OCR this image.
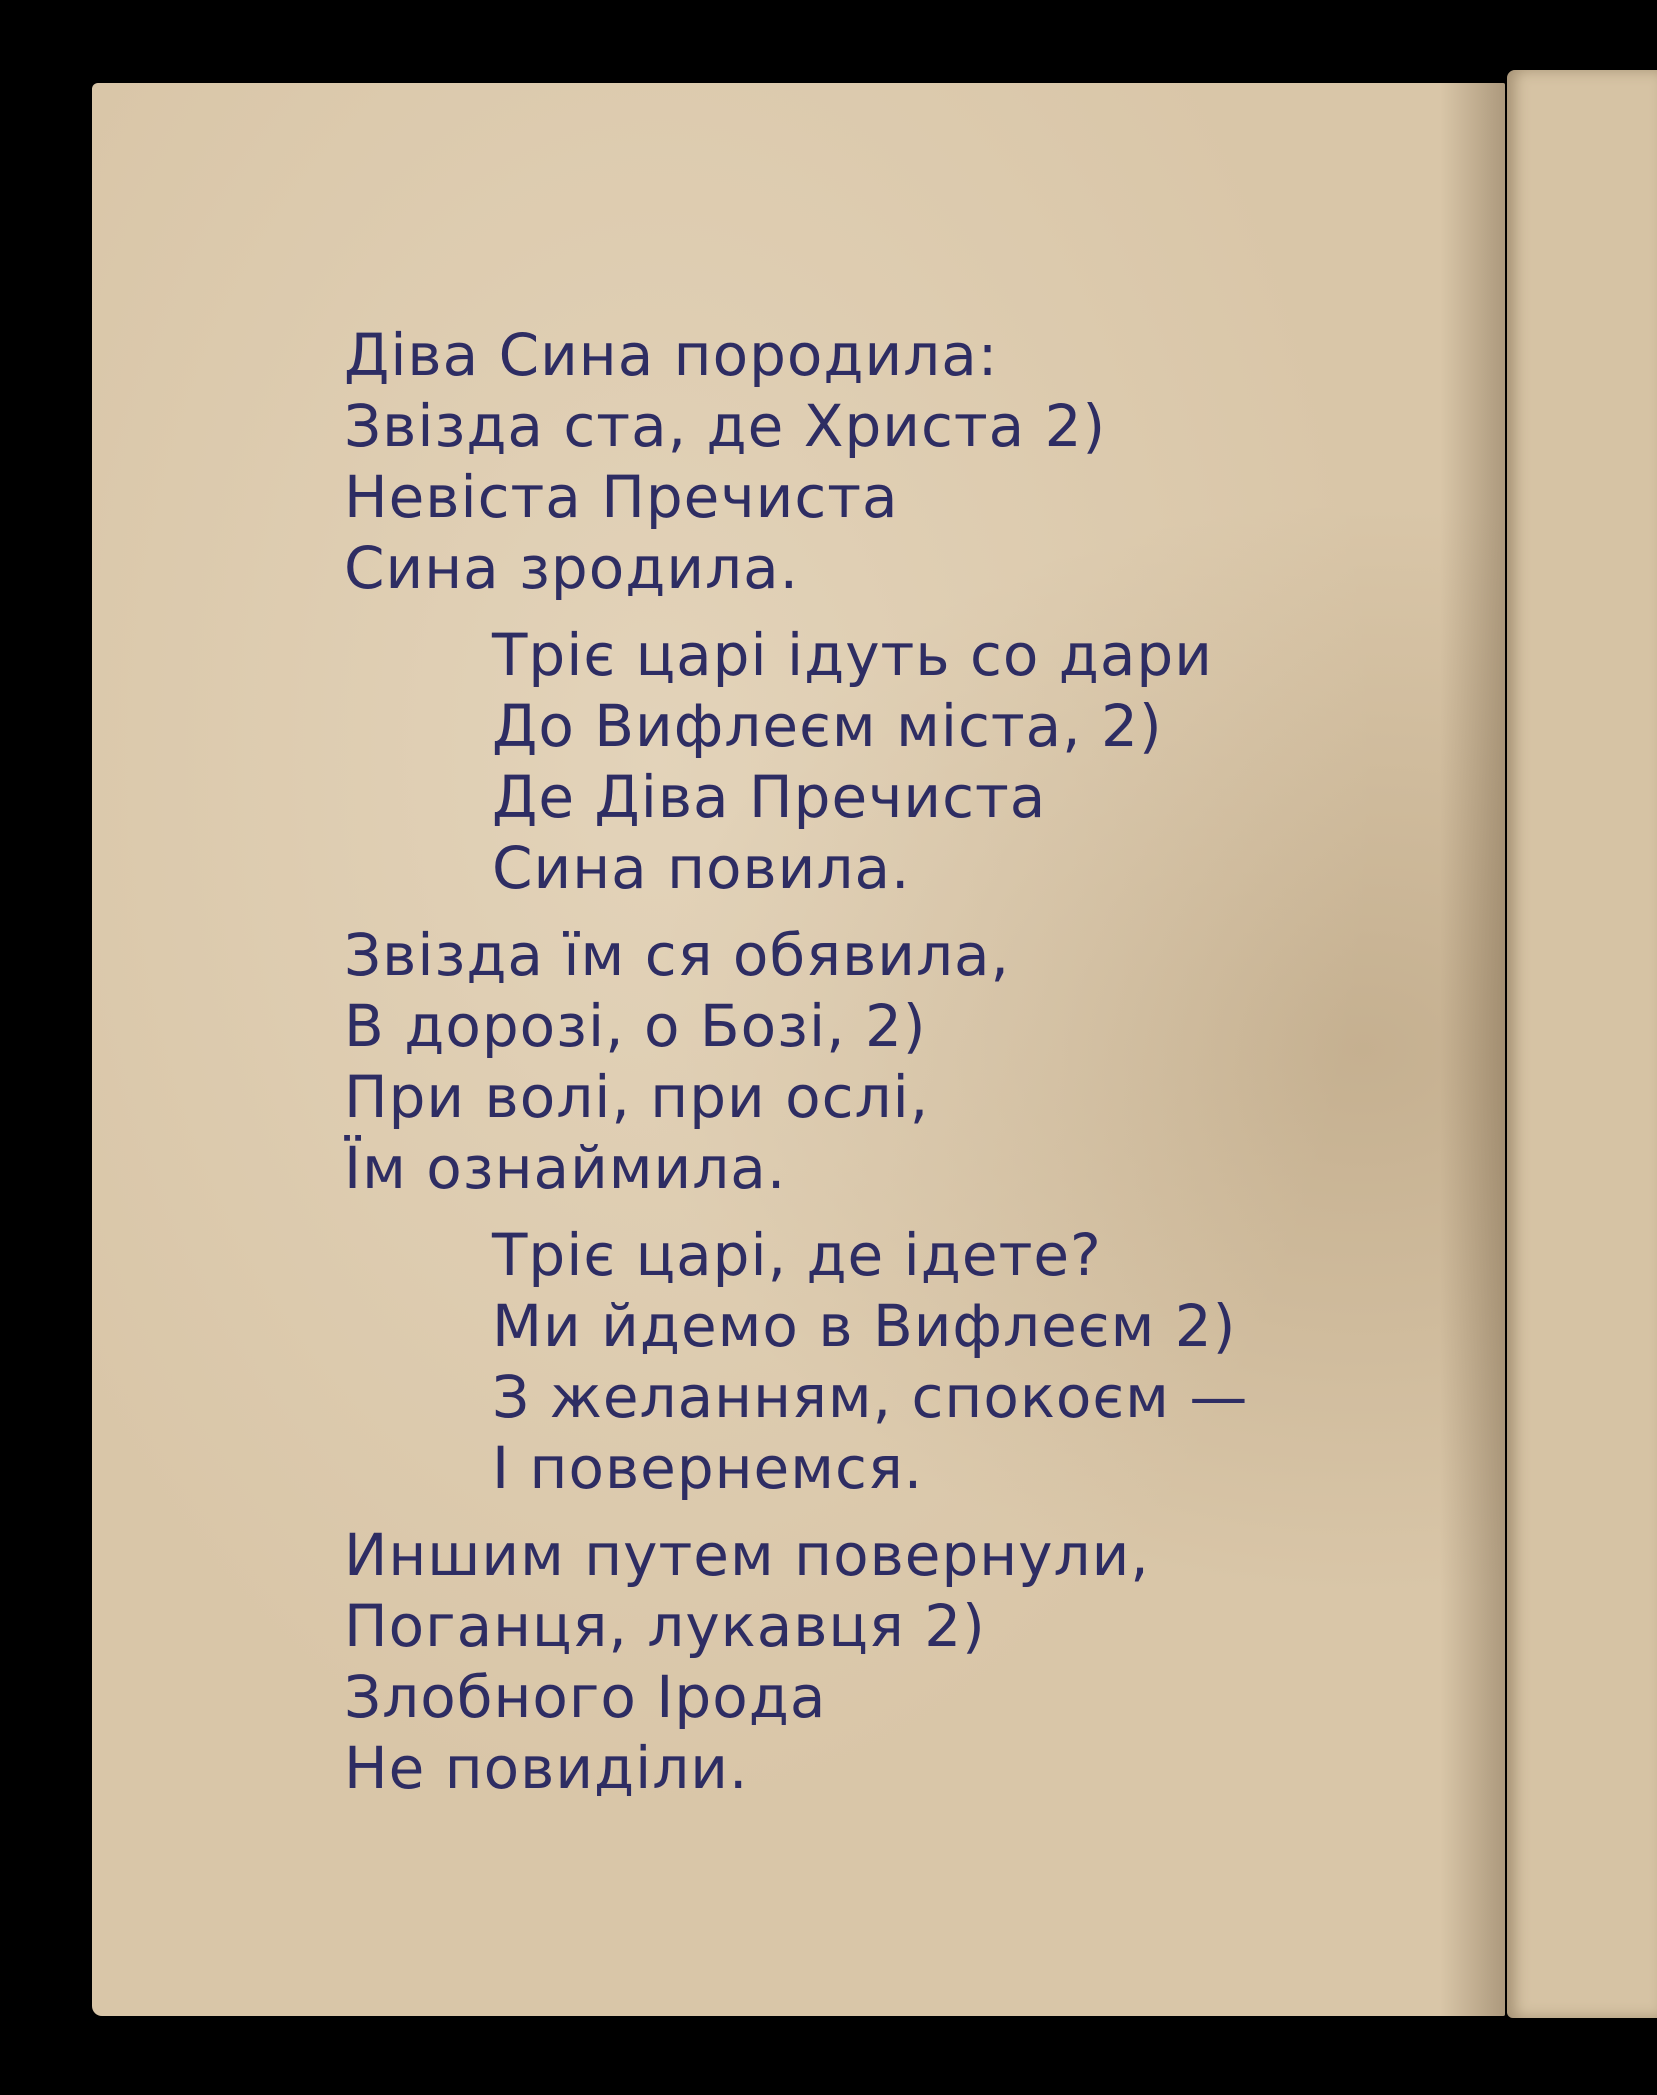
Діва Сина породила:
Звізда ста, де Христа 2)
Невіста Пречиста
Сина зродила.
Тріє царі ідуть со дари
До Вифлеєм міста, 2)
Де Діва Пречиста
Сина повила.
Звізда їм ся обявила,
В дорозі, о Бозі, 2)
При волі, при ослі,
Їм ознаймила.
Тріє царі, де ідете?
Ми йдемо в Вифлеєм 2)
З желанням, спокоєм —
І повернемся.
Иншим путем повернули,
Поганця, лукавця 2)
Злобного Ірода
Не повиділи.
